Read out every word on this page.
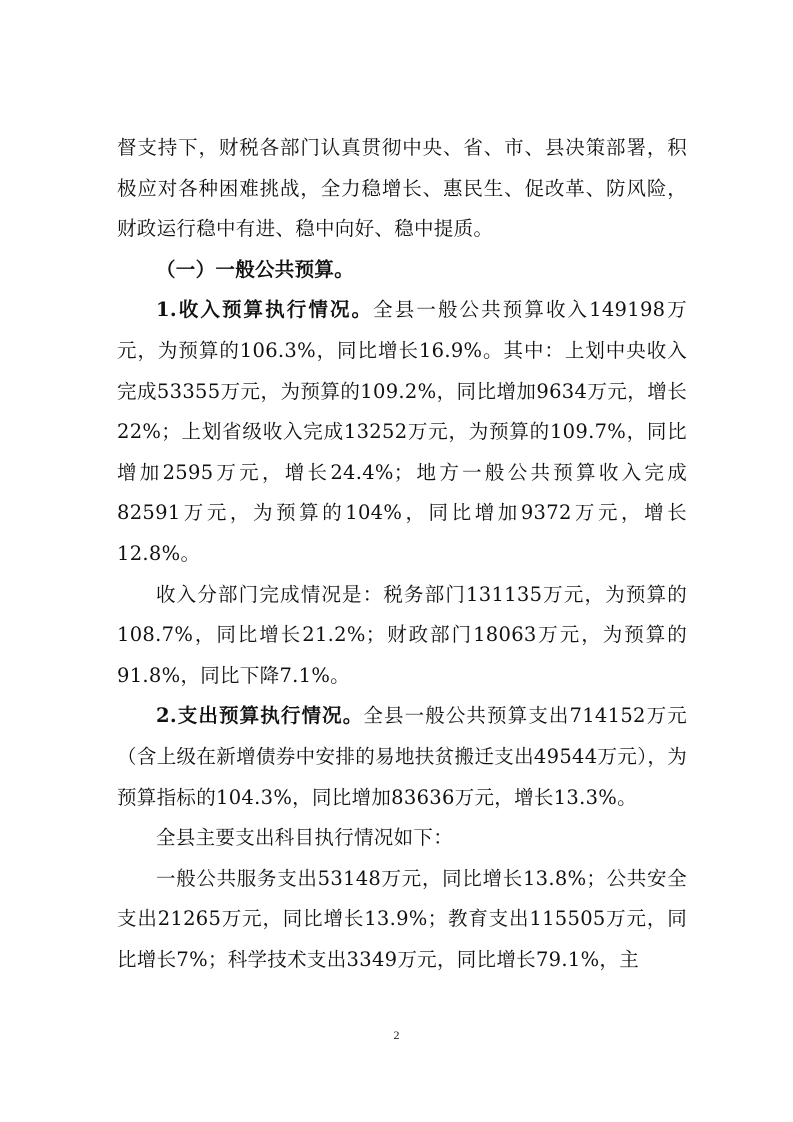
督支持下，财税各部门认真贯彻中央、省、市、县决策部署，积极应对各种困难挑战，全力稳增长、惠民生、促改革、防风险，财政运行稳中有进、稳中向好、稳中提质。

（一）一般公共预算。

1.收入预算执行情况。全县一般公共预算收入149198万元，为预算的106.3%，同比增长16.9%。其中：上划中央收入完成53355万元，为预算的109.2%，同比增加9634万元，增长22%；上划省级收入完成13252万元，为预算的109.7%，同比增加2595万元，增长24.4%；地方一般公共预算收入完成82591万元，为预算的104%，同比增加9372万元，增长12.8%。

收入分部门完成情况是：税务部门131135万元，为预算的108.7%，同比增长21.2%；财政部门18063万元，为预算的91.8%，同比下降7.1%。

2.支出预算执行情况。全县一般公共预算支出714152万元（含上级在新增债券中安排的易地扶贫搬迁支出49544万元），为预算指标的104.3%，同比增加83636万元，增长13.3%。

全县主要支出科目执行情况如下：

一般公共服务支出53148万元，同比增长13.8%；公共安全支出21265万元，同比增长13.9%；教育支出115505万元，同比增长7%；科学技术支出3349万元，同比增长79.1%，主

2
